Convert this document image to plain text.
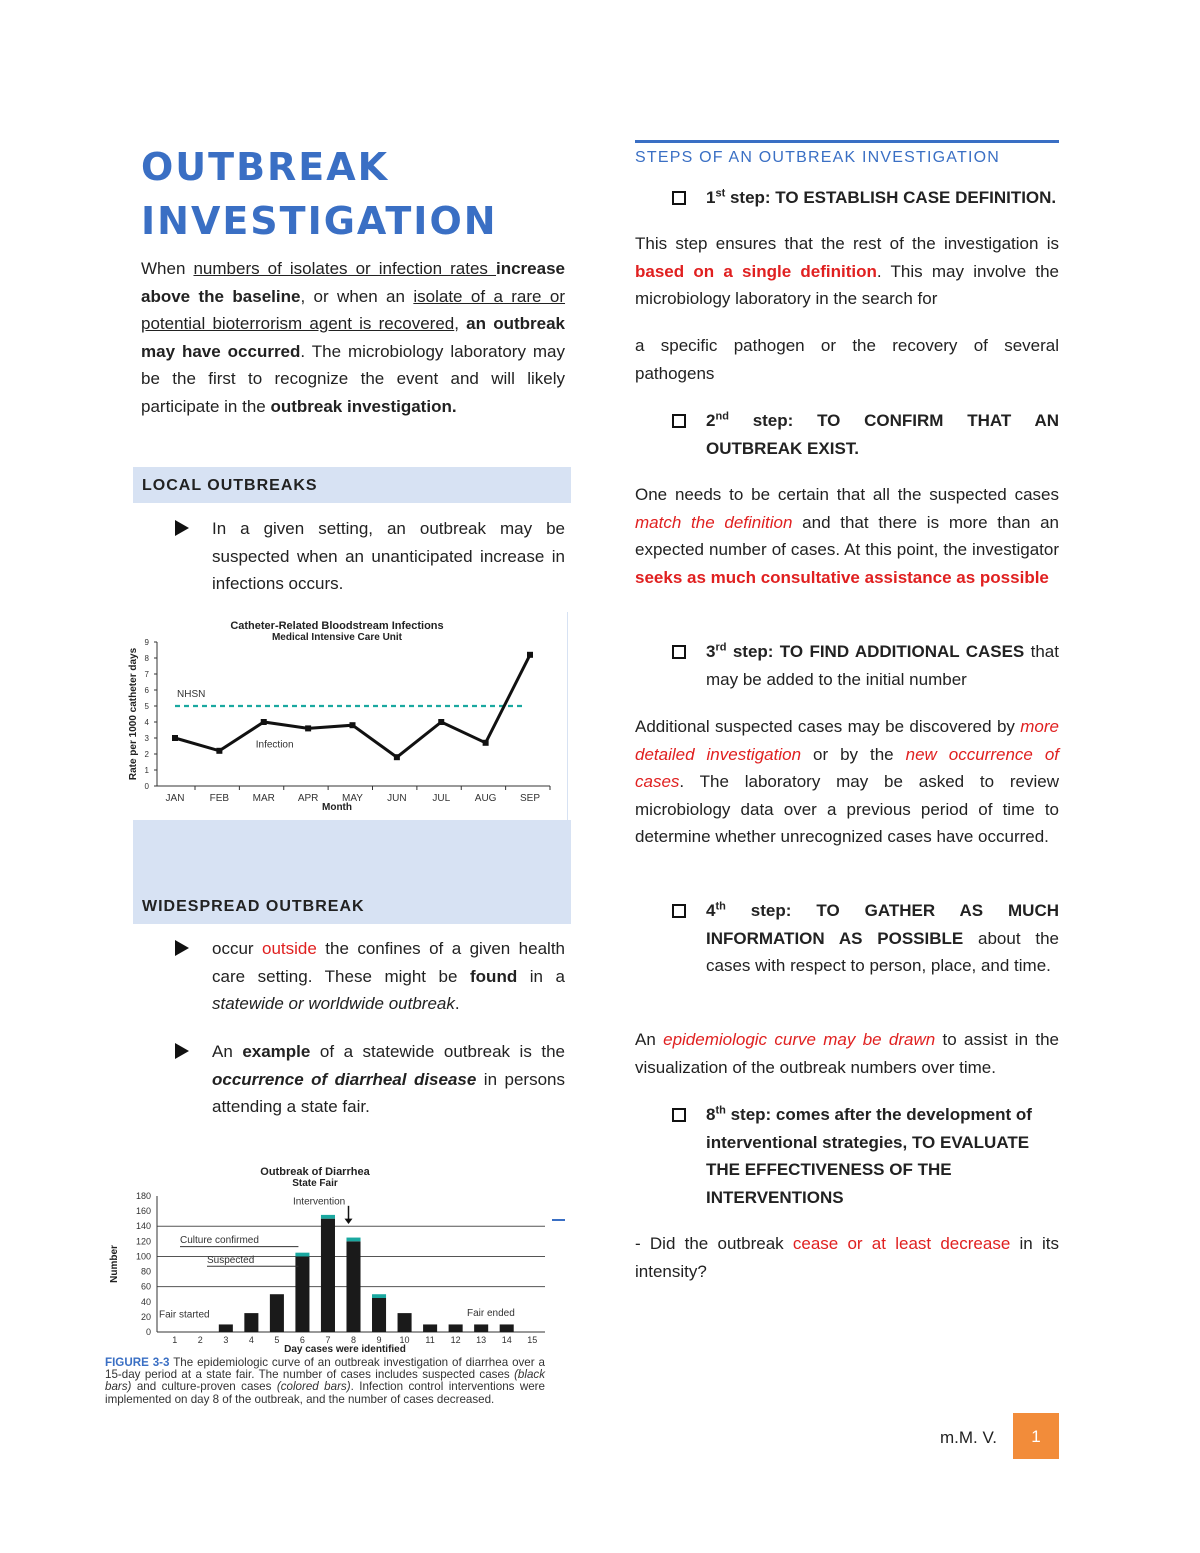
OUTBREAK
INVESTIGATION

When numbers of isolates or infection rates increase above the baseline, or when an isolate of a rare or potential bioterrorism agent is recovered, an outbreak may have occurred. The microbiology laboratory may be the first to recognize the event and will likely participate in the outbreak investigation.

LOCAL OUTBREAKS
In a given setting, an outbreak may be suspected when an unanticipated increase in infections occurs.
Catheter-Related Bloodstream Infections
Medical Intensive Care Unit
0
1
2
3
4
5
6
7
8
9
JAN	FEB MAR APR MAY JUN	JUL AUG SEP
Month
Rate per 1000 catheter days	NHSN
Infection
WIDESPREAD OUTBREAK
occur outside the confines of a given health care setting. These might be found in a statewide or worldwide outbreak.
An example of a statewide outbreak is the occurrence of diarrheal disease in persons attending a state fair.
Outbreak of Diarrhea
State Fair
0
20
40
60
80
100
120
140
160
180
1 2 3 4 5 6 7 8 9 10 11 12 13 14 15
Day cases were identified
Number
Culture confirmed
Suspected
Intervention
Fair started	Fair ended
FIGURE 3-3 The epidemiologic curve of an outbreak investigation of diarrhea over a 15-day period at a state fair. The number of cases includes suspected cases (black bars) and culture-proven cases (colored bars). Infection control interventions were implemented on day 8 of the outbreak, and the number of cases decreased.
STEPS OF AN OUTBREAK INVESTIGATION
1st step: TO ESTABLISH CASE DEFINITION.
This step ensures that the rest of the investigation is based on a single definition. This may involve the microbiology laboratory in the search for
a specific pathogen or the recovery of several pathogens
2nd step: TO CONFIRM THAT AN OUTBREAK EXIST.
One needs to be certain that all the suspected cases match the definition and that there is more than an expected number of cases. At this point, the investigator seeks as much consultative assistance as possible
3rd step: TO FIND ADDITIONAL CASES that may be added to the initial number
Additional suspected cases may be discovered by more detailed investigation or by the new occurrence of cases. The laboratory may be asked to review microbiology data over a previous period of time to determine whether unrecognized cases have occurred.
4th step: TO GATHER AS MUCH INFORMATION AS POSSIBLE about the cases with respect to person, place, and time.
An epidemiologic curve may be drawn to assist in the visualization of the outbreak numbers over time.
8th step: comes after the development of interventional strategies, TO EVALUATE THE EFFECTIVENESS OF THE INTERVENTIONS
- Did the outbreak cease or at least decrease in its intensity?
m.M. V.	1
